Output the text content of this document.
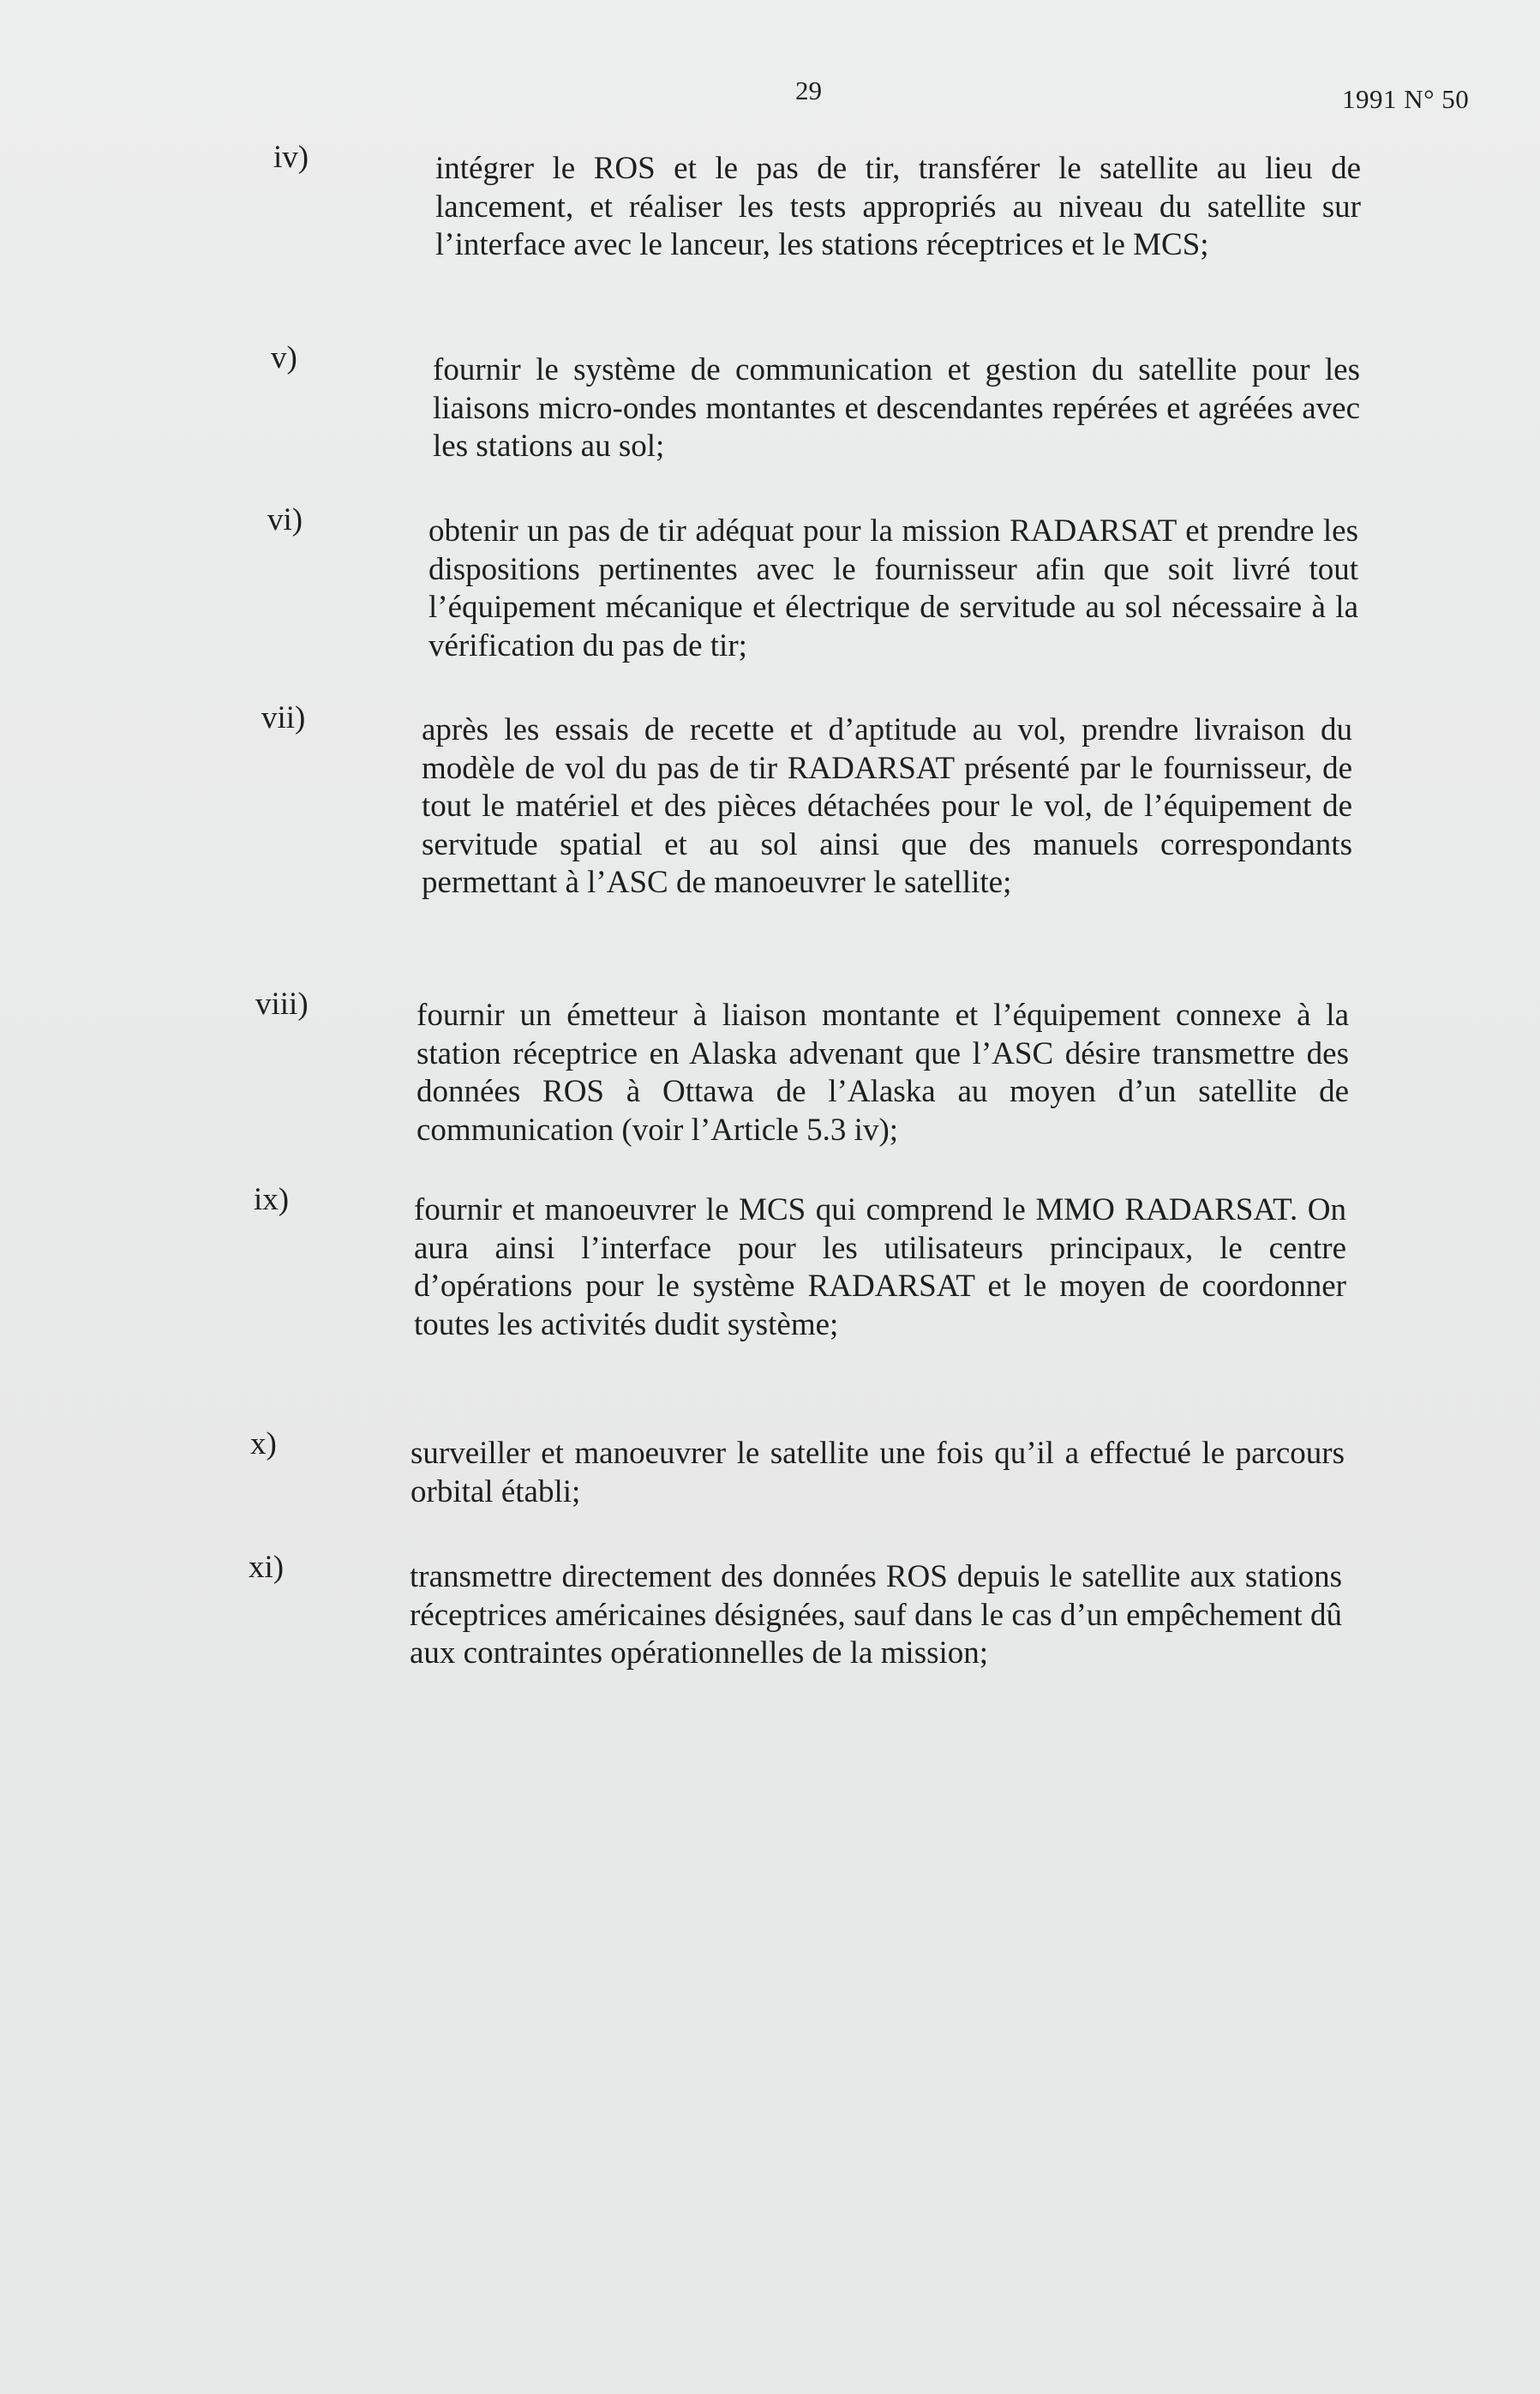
29	1991 N° 50
iv)	intégrer le ROS et le pas de tir, transférer le satellite au lieu de lancement, et réaliser les tests appropriés au niveau du satellite sur l’interface avec le lanceur, les stations réceptrices et le MCS;
v)	fournir le système de communication et gestion du satellite pour les liaisons micro-ondes montantes et descendantes repérées et agréées avec les stations au sol;
vi)	obtenir un pas de tir adéquat pour la mission RADARSAT et prendre les dispositions pertinentes avec le fournisseur afin que soit livré tout l’équipement mécanique et électrique de servitude au sol nécessaire à la vérification du pas de tir;
vii)	après les essais de recette et d’aptitude au vol, prendre livraison du modèle de vol du pas de tir RADARSAT présenté par le fournisseur, de tout le matériel et des pièces détachées pour le vol, de l’équipement de servitude spatial et au sol ainsi que des manuels correspondants permettant à l’ASC de manoeuvrer le satellite;
viii)	fournir un émetteur à liaison montante et l’équipement connexe à la station réceptrice en Alaska advenant que l’ASC désire transmettre des données ROS à Ottawa de l’Alaska au moyen d’un satellite de communication (voir l’Article 5.3 iv);
ix)	fournir et manoeuvrer le MCS qui comprend le MMO RADARSAT. On aura ainsi l’interface pour les utilisateurs principaux, le centre d’opérations pour le système RADARSAT et le moyen de coordonner toutes les activités dudit système;
x)	surveiller et manoeuvrer le satellite une fois qu’il a effectué le parcours orbital établi;
xi)	transmettre directement des données ROS depuis le satellite aux stations réceptrices américaines désignées, sauf dans le cas d’un empêchement dû aux contraintes opérationnelles de la mission;
